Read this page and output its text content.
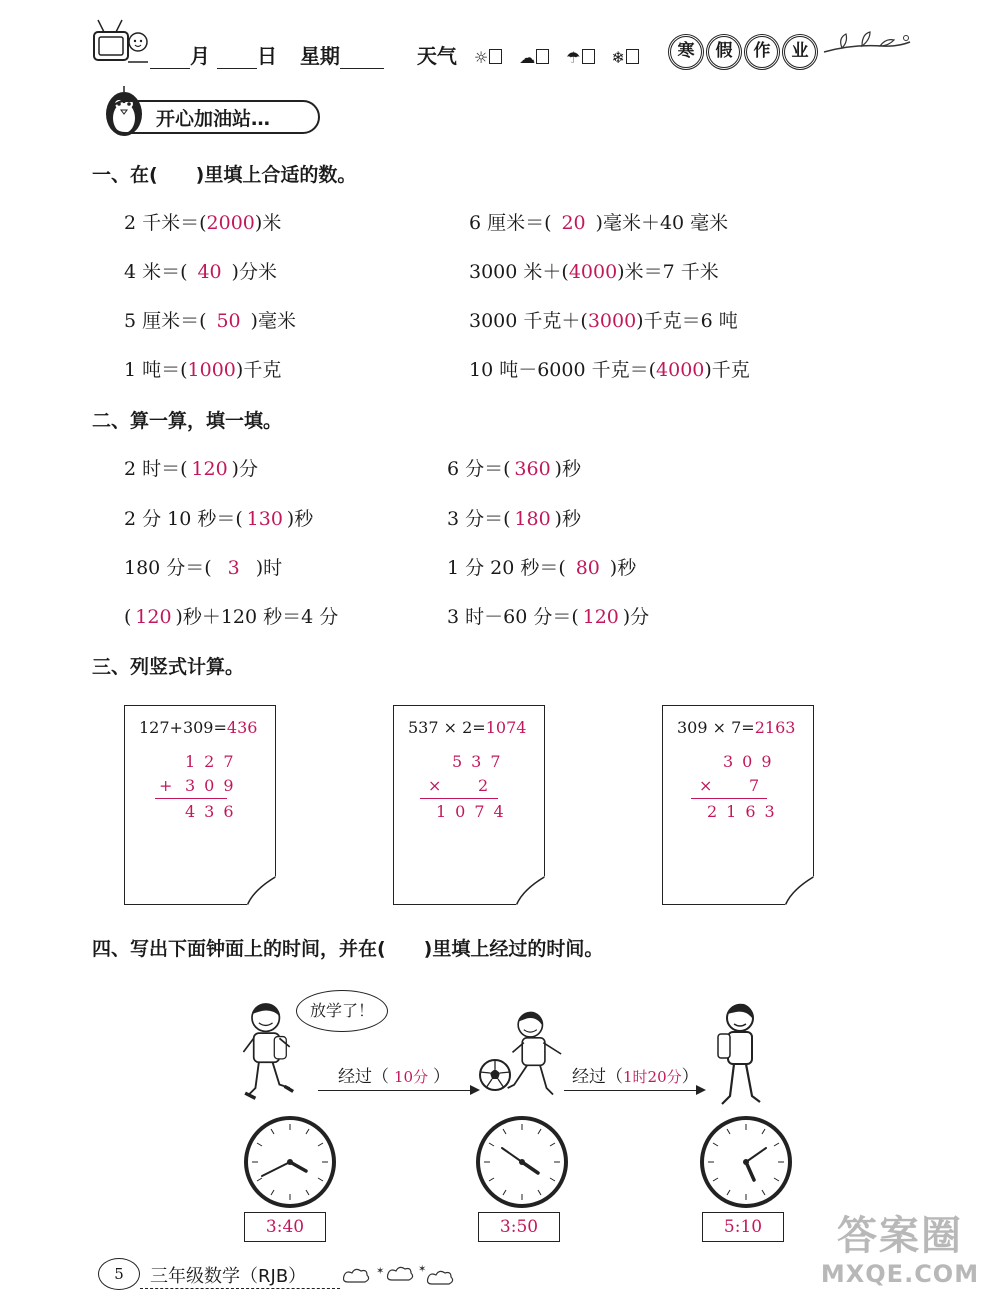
月 日 星期	天气 ☼ ☁ ☂ ❄	寒 假 作 业
开心加油站…
一、在(　　)里填上合适的数。
2 千米＝(2000)米	6 厘米＝( 20 )毫米＋40 毫米
4 米＝( 40 )分米	3000 米＋(4000)米＝7 千米
5 厘米＝( 50 )毫米	3000 千克＋(3000)千克＝6 吨
1 吨＝(1000)千克	10 吨－6000 千克＝(4000)千克
二、算一算，填一填。
2 时＝( 120 )分	6 分＝( 360 )秒
2 分 10 秒＝( 130 )秒	3 分＝( 180 )秒
180 分＝( 3 )时	1 分 20 秒＝( 80 )秒
( 120 )秒＋120 秒＝4 分	3 时－60 分＝( 120 )分
三、列竖式计算。
127+309=436
127
+ 309
436
537 × 2=1074
537
× 2
1074
309 × 7=2163
309
× 7
2163
四、写出下面钟面上的时间，并在(　　)里填上经过的时间。
放学了！
经过（ 10分 ）	经过（1时20分）
3:40	3:50	5:10
5	三年级数学（RJB）	✶	✶
答案圈
MXQE.COM
